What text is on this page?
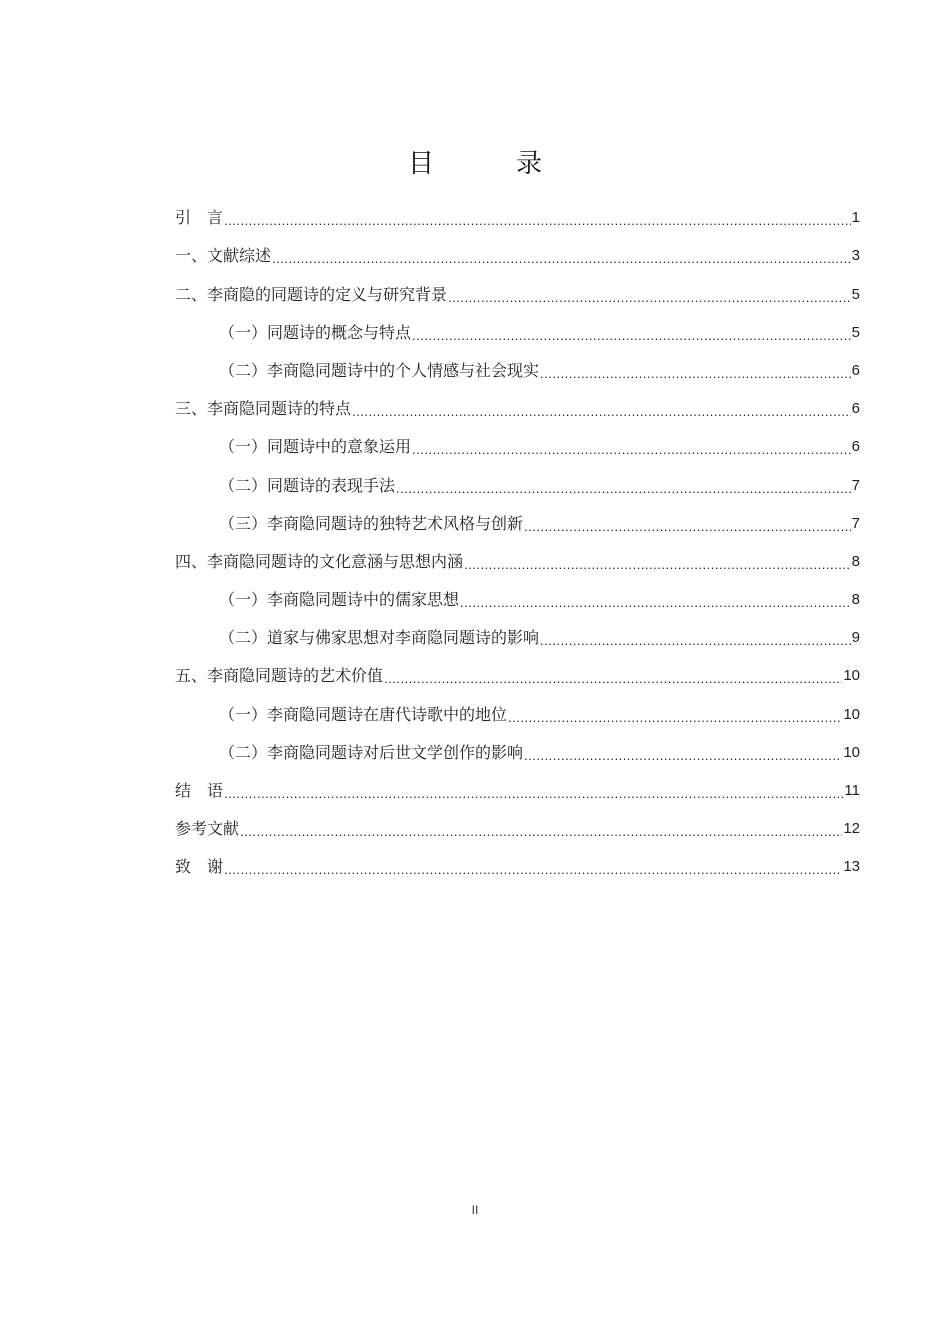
目　录
引　言 .....	1
一、文献综述 .....	3
二、李商隐的同题诗的定义与研究背景 .....	5
（一）同题诗的概念与特点 .....	5
（二）李商隐同题诗中的个人情感与社会现实 .....	6
三、李商隐同题诗的特点 .....	6
（一）同题诗中的意象运用 .....	6
（二）同题诗的表现手法 .....	7
（三）李商隐同题诗的独特艺术风格与创新 .....	7
四、李商隐同题诗的文化意涵与思想内涵 .....	8
（一）李商隐同题诗中的儒家思想 .....	8
（二）道家与佛家思想对李商隐同题诗的影响 .....	9
五、李商隐同题诗的艺术价值 .....	10
（一）李商隐同题诗在唐代诗歌中的地位 .....	10
（二）李商隐同题诗对后世文学创作的影响 .....	10
结　语 .....	11
参考文献 .....	12
致　谢 .....	13
II
